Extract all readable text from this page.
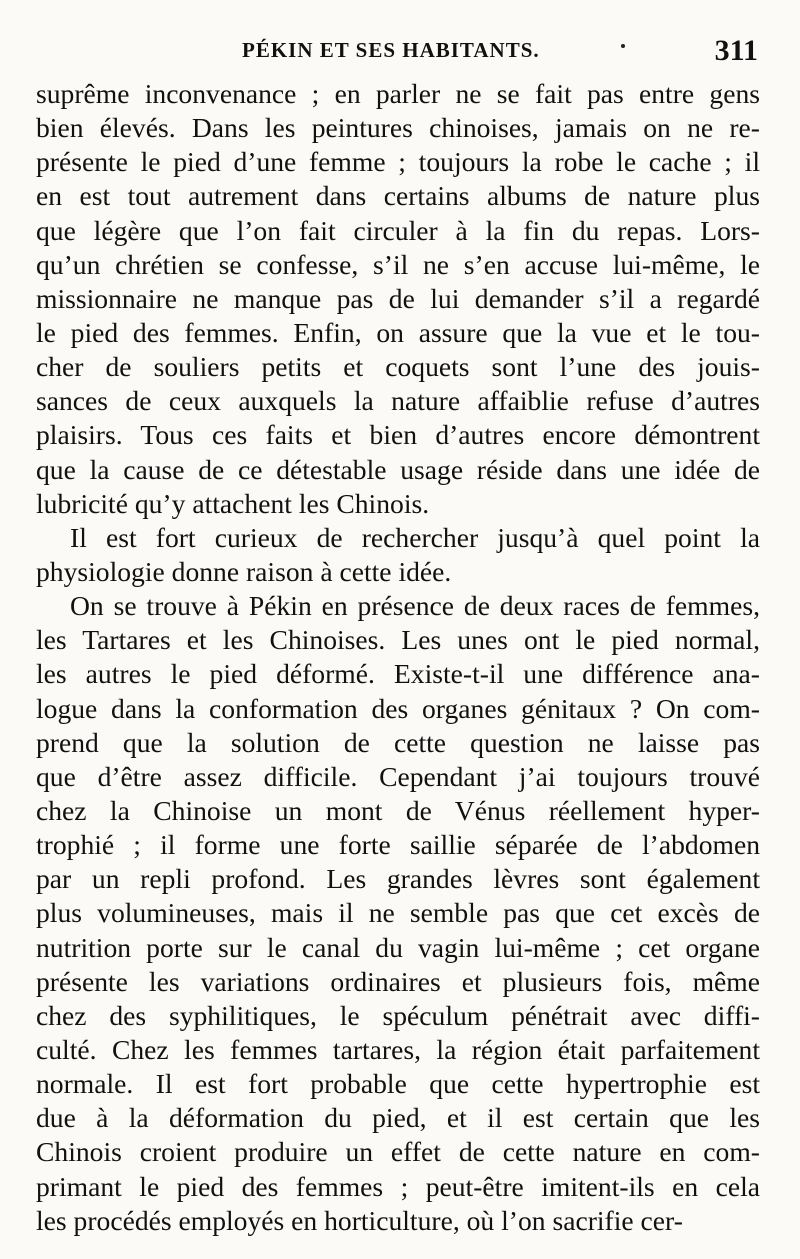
PÉKIN ET SES HABITANTS.	311

suprême inconvenance ; en parler ne se fait pas entre gens
bien élevés. Dans les peintures chinoises, jamais on ne re-
présente le pied d’une femme ; toujours la robe le cache ; il
en est tout autrement dans certains albums de nature plus
que légère que l’on fait circuler à la fin du repas. Lors-
qu’un chrétien se confesse, s’il ne s’en accuse lui-même, le
missionnaire ne manque pas de lui demander s’il a regardé
le pied des femmes. Enfin, on assure que la vue et le tou-
cher de souliers petits et coquets sont l’une des jouis-
sances de ceux auxquels la nature affaiblie refuse d’autres
plaisirs. Tous ces faits et bien d’autres encore démontrent
que la cause de ce détestable usage réside dans une idée de
lubricité qu’y attachent les Chinois.

Il est fort curieux de rechercher jusqu’à quel point la
physiologie donne raison à cette idée.

On se trouve à Pékin en présence de deux races de femmes,
les Tartares et les Chinoises. Les unes ont le pied normal,
les autres le pied déformé. Existe-t-il une différence ana-
logue dans la conformation des organes génitaux ? On com-
prend que la solution de cette question ne laisse pas
que d’être assez difficile. Cependant j’ai toujours trouvé
chez la Chinoise un mont de Vénus réellement hyper-
trophié ; il forme une forte saillie séparée de l’abdomen
par un repli profond. Les grandes lèvres sont également
plus volumineuses, mais il ne semble pas que cet excès de
nutrition porte sur le canal du vagin lui-même ; cet organe
présente les variations ordinaires et plusieurs fois, même
chez des syphilitiques, le spéculum pénétrait avec diffi-
culté. Chez les femmes tartares, la région était parfaitement
normale. Il est fort probable que cette hypertrophie est
due à la déformation du pied, et il est certain que les
Chinois croient produire un effet de cette nature en com-
primant le pied des femmes ; peut-être imitent-ils en cela
les procédés employés en horticulture, où l’on sacrifie cer-
